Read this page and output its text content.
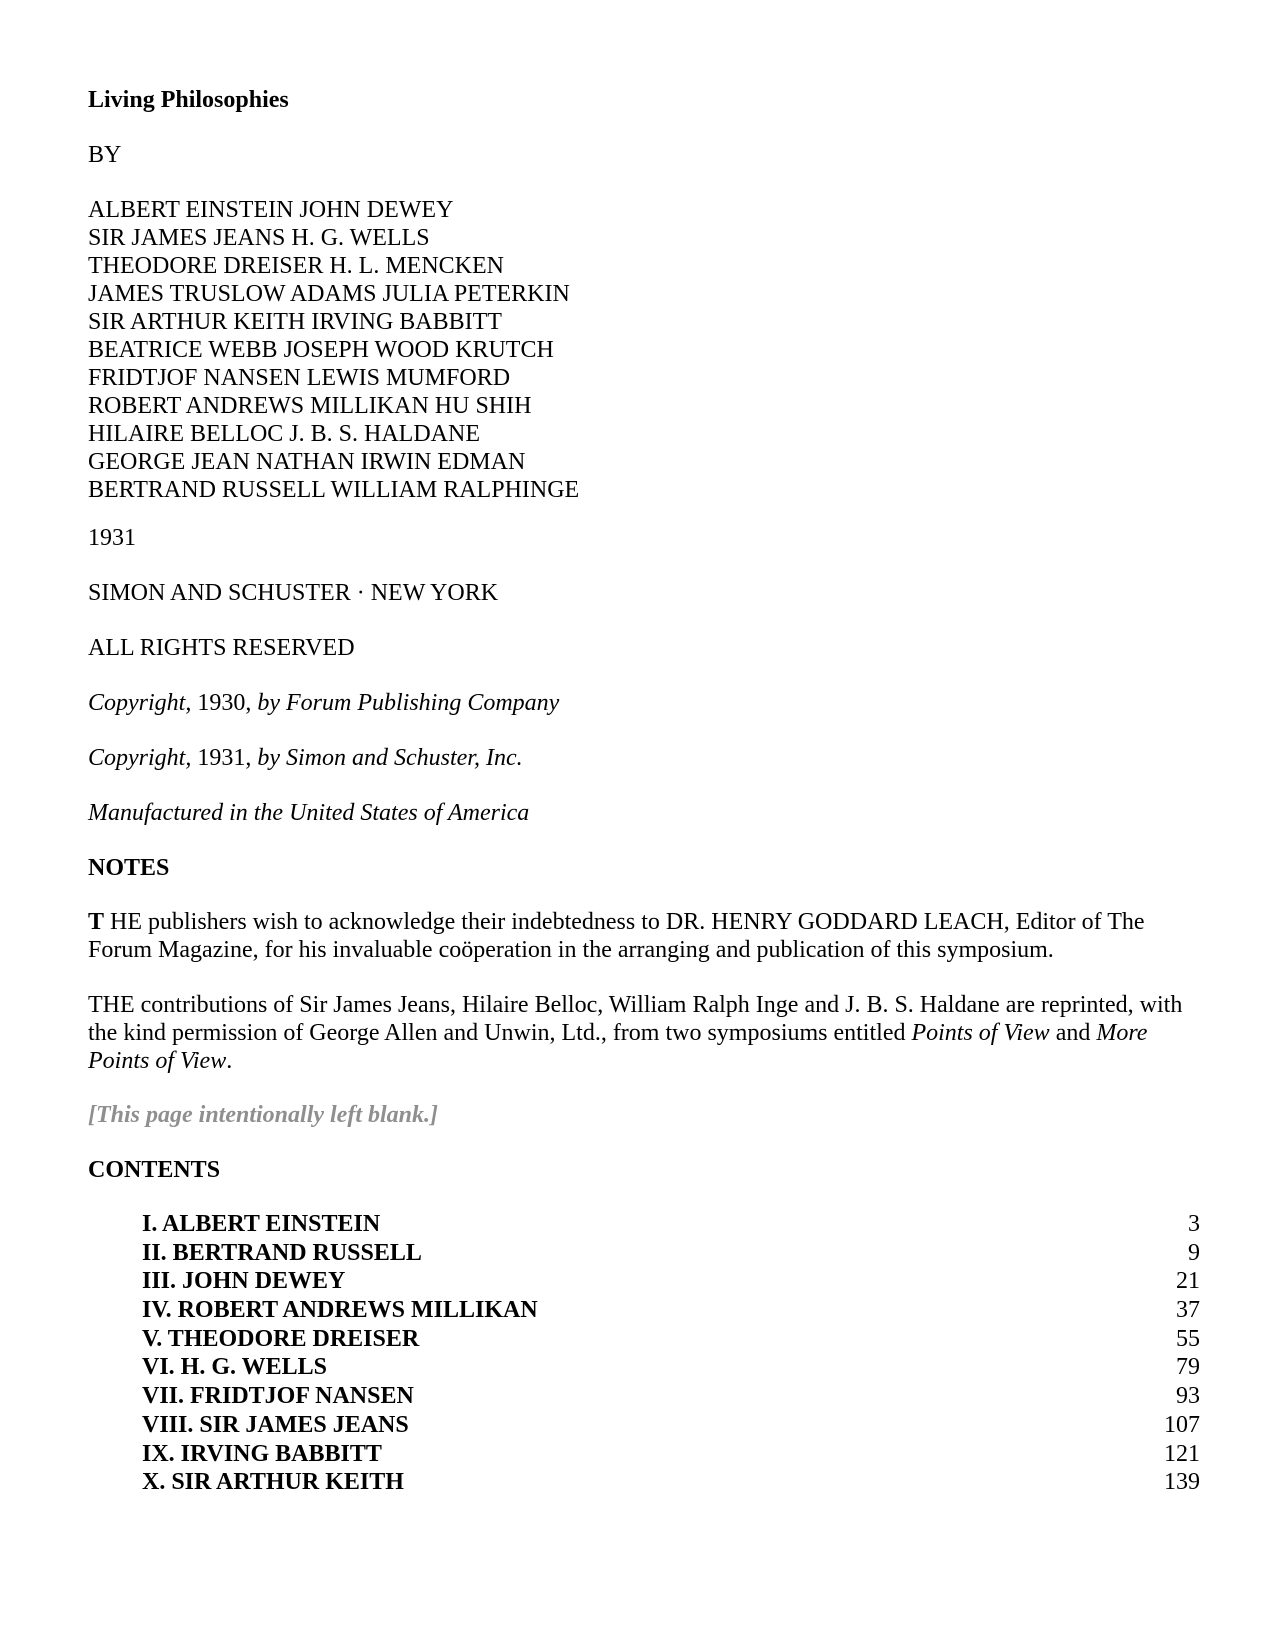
Living Philosophies
BY
ALBERT EINSTEIN JOHN DEWEY
SIR JAMES JEANS H. G. WELLS
THEODORE DREISER H. L. MENCKEN
JAMES TRUSLOW ADAMS JULIA PETERKIN
SIR ARTHUR KEITH IRVING BABBITT
BEATRICE WEBB JOSEPH WOOD KRUTCH
FRIDTJOF NANSEN LEWIS MUMFORD
ROBERT ANDREWS MILLIKAN HU SHIH
HILAIRE BELLOC J. B. S. HALDANE
GEORGE JEAN NATHAN IRWIN EDMAN
BERTRAND RUSSELL WILLIAM RALPHINGE
1931
SIMON AND SCHUSTER · NEW YORK
ALL RIGHTS RESERVED
Copyright, 1930, by Forum Publishing Company
Copyright, 1931, by Simon and Schuster, Inc.
Manufactured in the United States of America
NOTES
T HE publishers wish to acknowledge their indebtedness to DR. HENRY GODDARD LEACH, Editor of The Forum Magazine, for his invaluable coöperation in the arranging and publication of this symposium.
THE contributions of Sir James Jeans, Hilaire Belloc, William Ralph Inge and J. B. S. Haldane are reprinted, with the kind permission of George Allen and Unwin, Ltd., from two symposiums entitled Points of View and More Points of View.
[This page intentionally left blank.]
CONTENTS
I. ALBERT EINSTEIN	3
II. BERTRAND RUSSELL	9
III. JOHN DEWEY	21
IV. ROBERT ANDREWS MILLIKAN	37
V. THEODORE DREISER	55
VI. H. G. WELLS	79
VII. FRIDTJOF NANSEN	93
VIII. SIR JAMES JEANS	107
IX. IRVING BABBITT	121
X. SIR ARTHUR KEITH	139
